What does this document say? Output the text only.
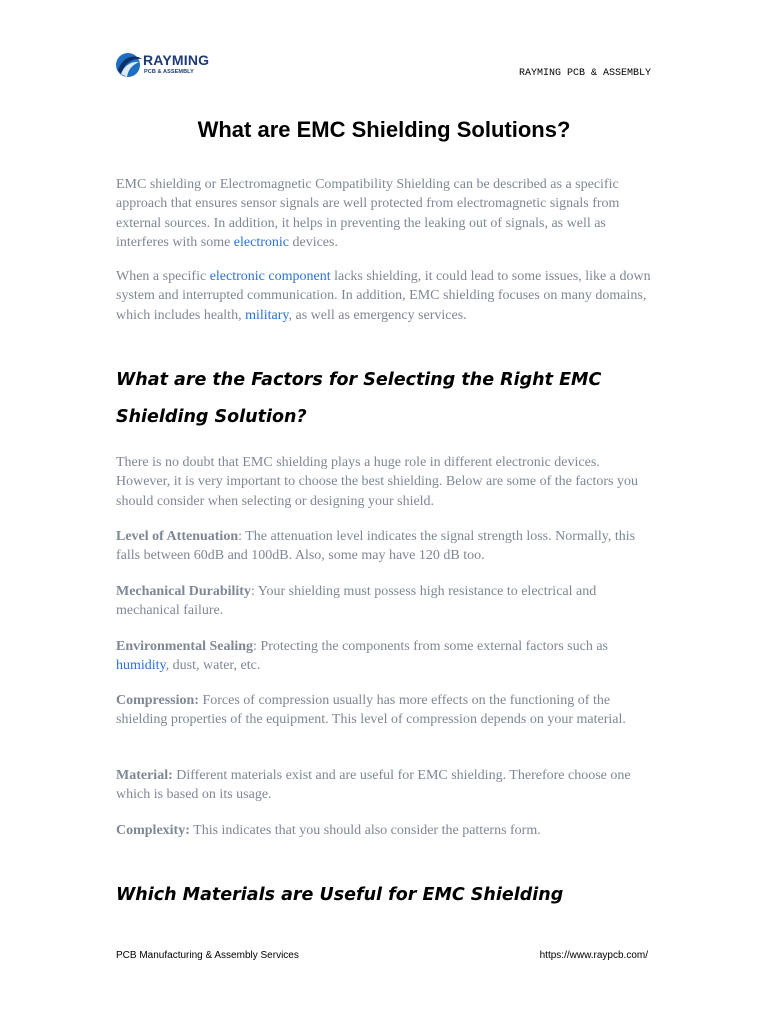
RAYMING
PCB & ASSEMBLY	RAYMING PCB & ASSEMBLY
What are EMC Shielding Solutions?

EMC shielding or Electromagnetic Compatibility Shielding can be described as a specific approach that ensures sensor signals are well protected from electromagnetic signals from external sources. In addition, it helps in preventing the leaking out of signals, as well as interferes with some electronic devices.

When a specific electronic component lacks shielding, it could lead to some issues, like a down system and interrupted communication. In addition, EMC shielding focuses on many domains, which includes health, military, as well as emergency services.

What are the Factors for Selecting the Right EMC Shielding Solution?

There is no doubt that EMC shielding plays a huge role in different electronic devices. However, it is very important to choose the best shielding. Below are some of the factors you should consider when selecting or designing your shield.

Level of Attenuation: The attenuation level indicates the signal strength loss. Normally, this falls between 60dB and 100dB. Also, some may have 120 dB too.

Mechanical Durability: Your shielding must possess high resistance to electrical and mechanical failure.

Environmental Sealing: Protecting the components from some external factors such as humidity, dust, water, etc.

Compression: Forces of compression usually has more effects on the functioning of the shielding properties of the equipment. This level of compression depends on your material.

Material: Different materials exist and are useful for EMC shielding. Therefore choose one which is based on its usage.

Complexity: This indicates that you should also consider the patterns form.

Which Materials are Useful for EMC Shielding
PCB Manufacturing & Assembly Services	https://www.raypcb.com/
